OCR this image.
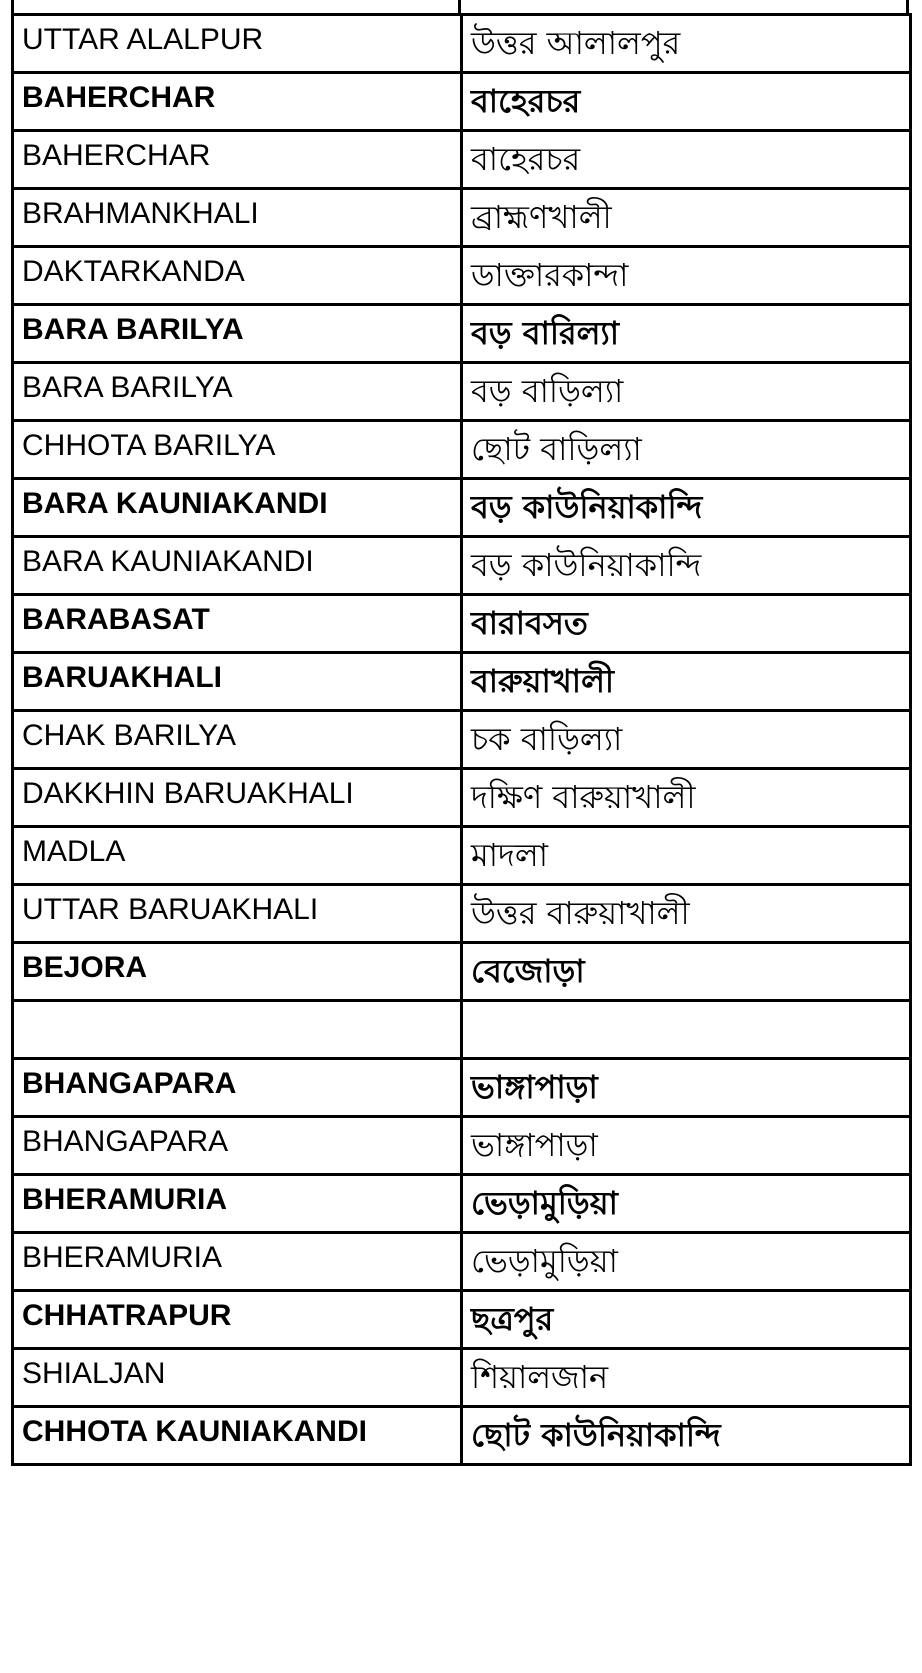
UTTAR ALALPUR	উত্তর আলালপুর
BAHERCHAR	বাহেরচর
BAHERCHAR	বাহেরচর
BRAHMANKHALI	ব্রাহ্মণখালী
DAKTARKANDA	ডাক্তারকান্দা
BARA BARILYA	বড় বারিল্যা
BARA BARILYA	বড় বাড়িল্যা
CHHOTA BARILYA	ছোট বাড়িল্যা
BARA KAUNIAKANDI	বড় কাউনিয়াকান্দি
BARA KAUNIAKANDI	বড় কাউনিয়াকান্দি
BARABASAT	বারাবসত
BARUAKHALI	বারুয়াখালী
CHAK BARILYA	চক বাড়িল্যা
DAKKHIN BARUAKHALI	দক্ষিণ বারুয়াখালী
MADLA	মাদলা
UTTAR BARUAKHALI	উত্তর বারুয়াখালী
BEJORA	বেজোড়া

BHANGAPARA	ভাঙ্গাপাড়া
BHANGAPARA	ভাঙ্গাপাড়া
BHERAMURIA	ভেড়ামুড়িয়া
BHERAMURIA	ভেড়ামুড়িয়া
CHHATRAPUR	ছত্রপুর
SHIALJAN	শিয়ালজান
CHHOTA KAUNIAKANDI	ছোট কাউনিয়াকান্দি
